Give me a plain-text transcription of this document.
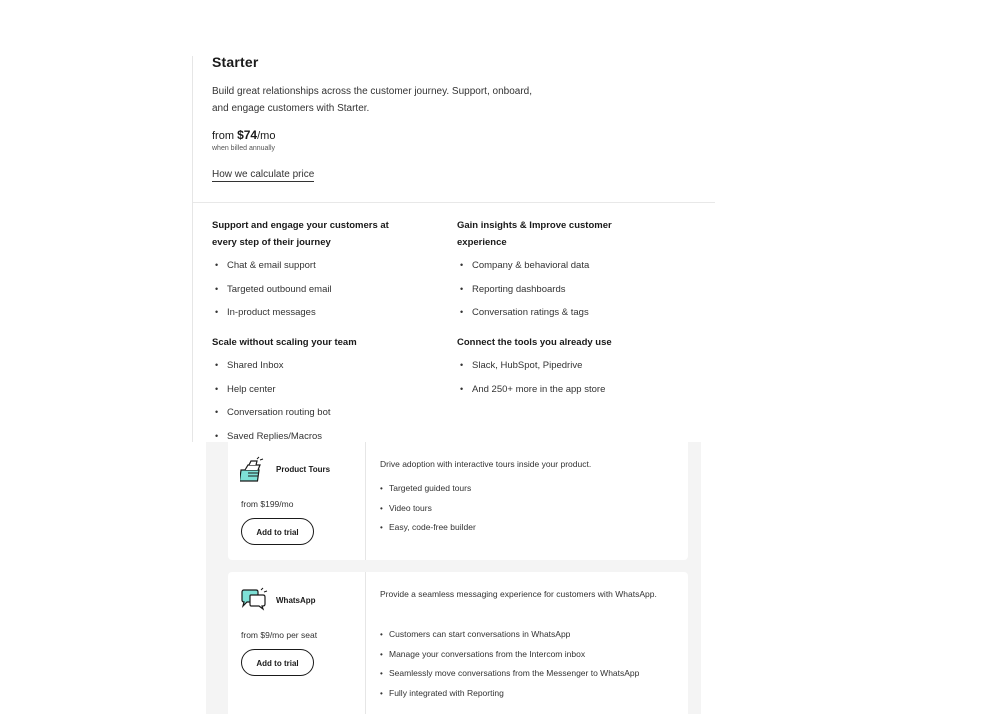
Starter
Build great relationships across the customer journey. Support, onboard, and engage customers with Starter.
from $74/mo
when billed annually
How we calculate price
Support and engage your customers at every step of their journey
• Chat & email support
• Targeted outbound email
• In-product messages
Gain insights & Improve customer experience
• Company & behavioral data
• Reporting dashboards
• Conversation ratings & tags
Scale without scaling your team
• Shared Inbox
• Help center
• Conversation routing bot
• Saved Replies/Macros
Connect the tools you already use
• Slack, HubSpot, Pipedrive
• And 250+ more in the app store
Product Tours
from $199/mo
Add to trial
Drive adoption with interactive tours inside your product.
• Targeted guided tours
• Video tours
• Easy, code-free builder
WhatsApp
from $9/mo per seat
Add to trial
Provide a seamless messaging experience for customers with WhatsApp.
• Customers can start conversations in WhatsApp
• Manage your conversations from the Intercom inbox
• Seamlessly move conversations from the Messenger to WhatsApp
• Fully integrated with Reporting
